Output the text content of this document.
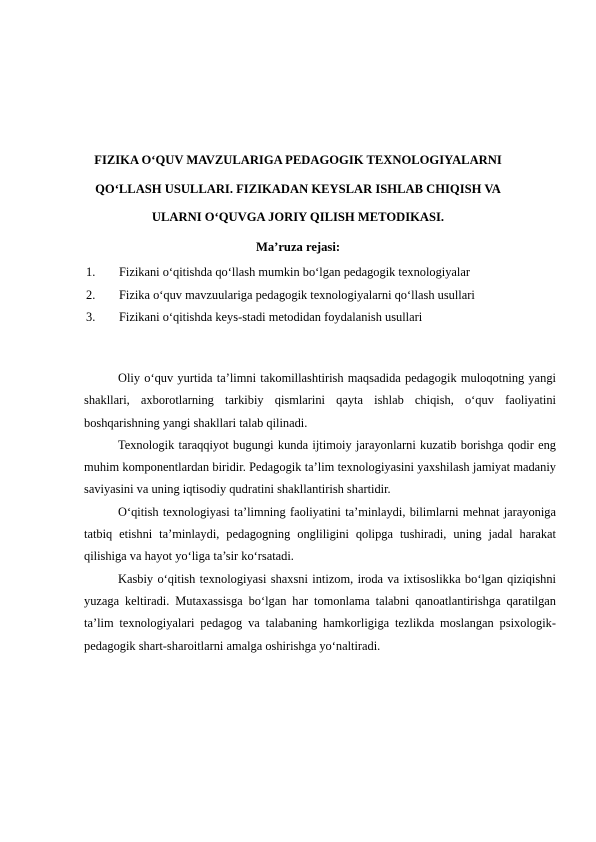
FIZIKA O‘QUV MAVZULARIGA PEDAGOGIK TEXNOLOGIYALARNI
QO‘LLASH USULLARI. FIZIKADAN KEYSLAR ISHLAB CHIQISH VA
ULARNI O‘QUVGA JORIY QILISH METODIKASI.
Ma’ruza rejasi:
1.	Fizikani o‘qitishda qo‘llash mumkin bo‘lgan pedagogik texnologiyalar
2.	Fizika o‘quv mavzuulariga pedagogik texnologiyalarni qo‘llash usullari
3.	Fizikani o‘qitishda keys-stadi metodidan foydalanish usullari

Oliy o‘quv yurtida ta’limni takomillashtirish maqsadida pedagogik muloqotning yangi shakllari, axborotlarning tarkibiy qismlarini qayta ishlab chiqish, o‘quv faoliyatini boshqarishning yangi shakllari talab qilinadi.

Texnologik taraqqiyot bugungi kunda ijtimoiy jarayonlarni kuzatib borishga qodir eng muhim komponentlardan biridir. Pedagogik ta’lim texnologiyasini yaxshilash jamiyat madaniy saviyasini va uning iqtisodiy qudratini shakllantirish shartidir.

O‘qitish texnologiyasi ta’limning faoliyatini ta’minlaydi, bilimlarni mehnat jarayoniga tatbiq etishni ta’minlaydi, pedagogning ongliligini qolipga tushiradi, uning jadal harakat qilishiga va hayot yo‘liga ta’sir ko‘rsatadi.

Kasbiy o‘qitish texnologiyasi shaxsni intizom, iroda va ixtisoslikka bo‘lgan qiziqishni yuzaga keltiradi. Mutaxassisga bo‘lgan har tomonlama talabni qanoatlantirishga qaratilgan ta’lim texnologiyalari pedagog va talabaning hamkorligiga tezlikda moslangan psixologik-pedagogik shart-sharoitlarni amalga oshirishga yo‘naltiradi.
